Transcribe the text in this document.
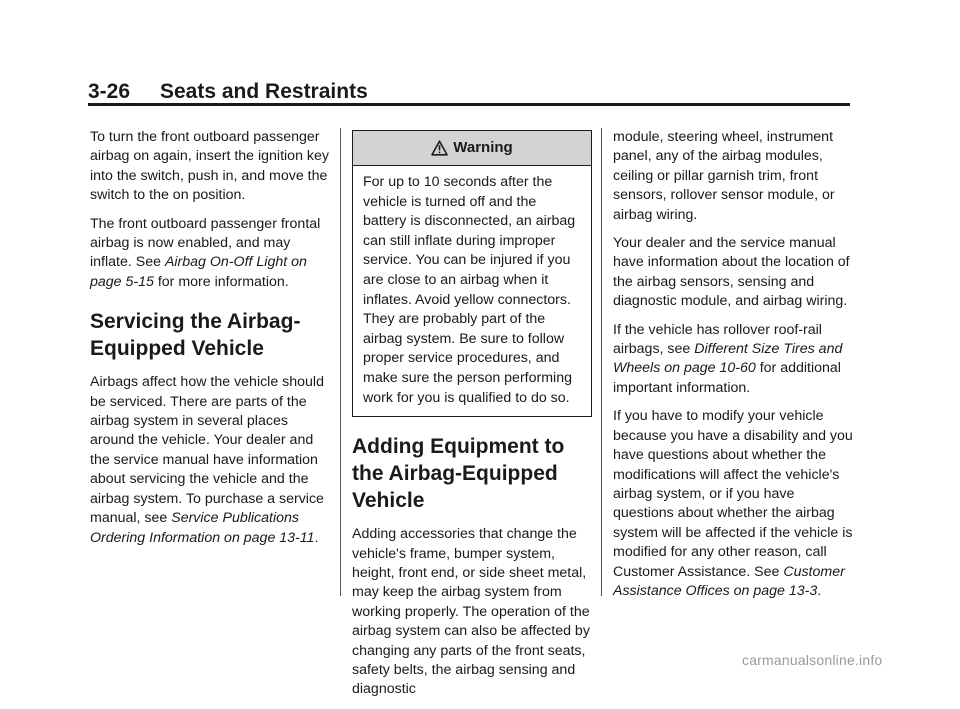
3-26 Seats and Restraints

To turn the front outboard passenger airbag on again, insert the ignition key into the switch, push in, and move the switch to the on position.

The front outboard passenger frontal airbag is now enabled, and may inflate. See Airbag On-Off Light on page 5-15 for more information.

Servicing the Airbag-Equipped Vehicle

Airbags affect how the vehicle should be serviced. There are parts of the airbag system in several places around the vehicle. Your dealer and the service manual have information about servicing the vehicle and the airbag system. To purchase a service manual, see Service Publications Ordering Information on page 13-11.

Warning
For up to 10 seconds after the vehicle is turned off and the battery is disconnected, an airbag can still inflate during improper service. You can be injured if you are close to an airbag when it inflates. Avoid yellow connectors. They are probably part of the airbag system. Be sure to follow proper service procedures, and make sure the person performing work for you is qualified to do so.
Adding Equipment to the Airbag-Equipped Vehicle

Adding accessories that change the vehicle's frame, bumper system, height, front end, or side sheet metal, may keep the airbag system from working properly. The operation of the airbag system can also be affected by changing any parts of the front seats, safety belts, the airbag sensing and diagnostic

module, steering wheel, instrument panel, any of the airbag modules, ceiling or pillar garnish trim, front sensors, rollover sensor module, or airbag wiring.

Your dealer and the service manual have information about the location of the airbag sensors, sensing and diagnostic module, and airbag wiring.

If the vehicle has rollover roof-rail airbags, see Different Size Tires and Wheels on page 10-60 for additional important information.

If you have to modify your vehicle because you have a disability and you have questions about whether the modifications will affect the vehicle's airbag system, or if you have questions about whether the airbag system will be affected if the vehicle is modified for any other reason, call Customer Assistance. See Customer Assistance Offices on page 13-3.

carmanualsonline.info
